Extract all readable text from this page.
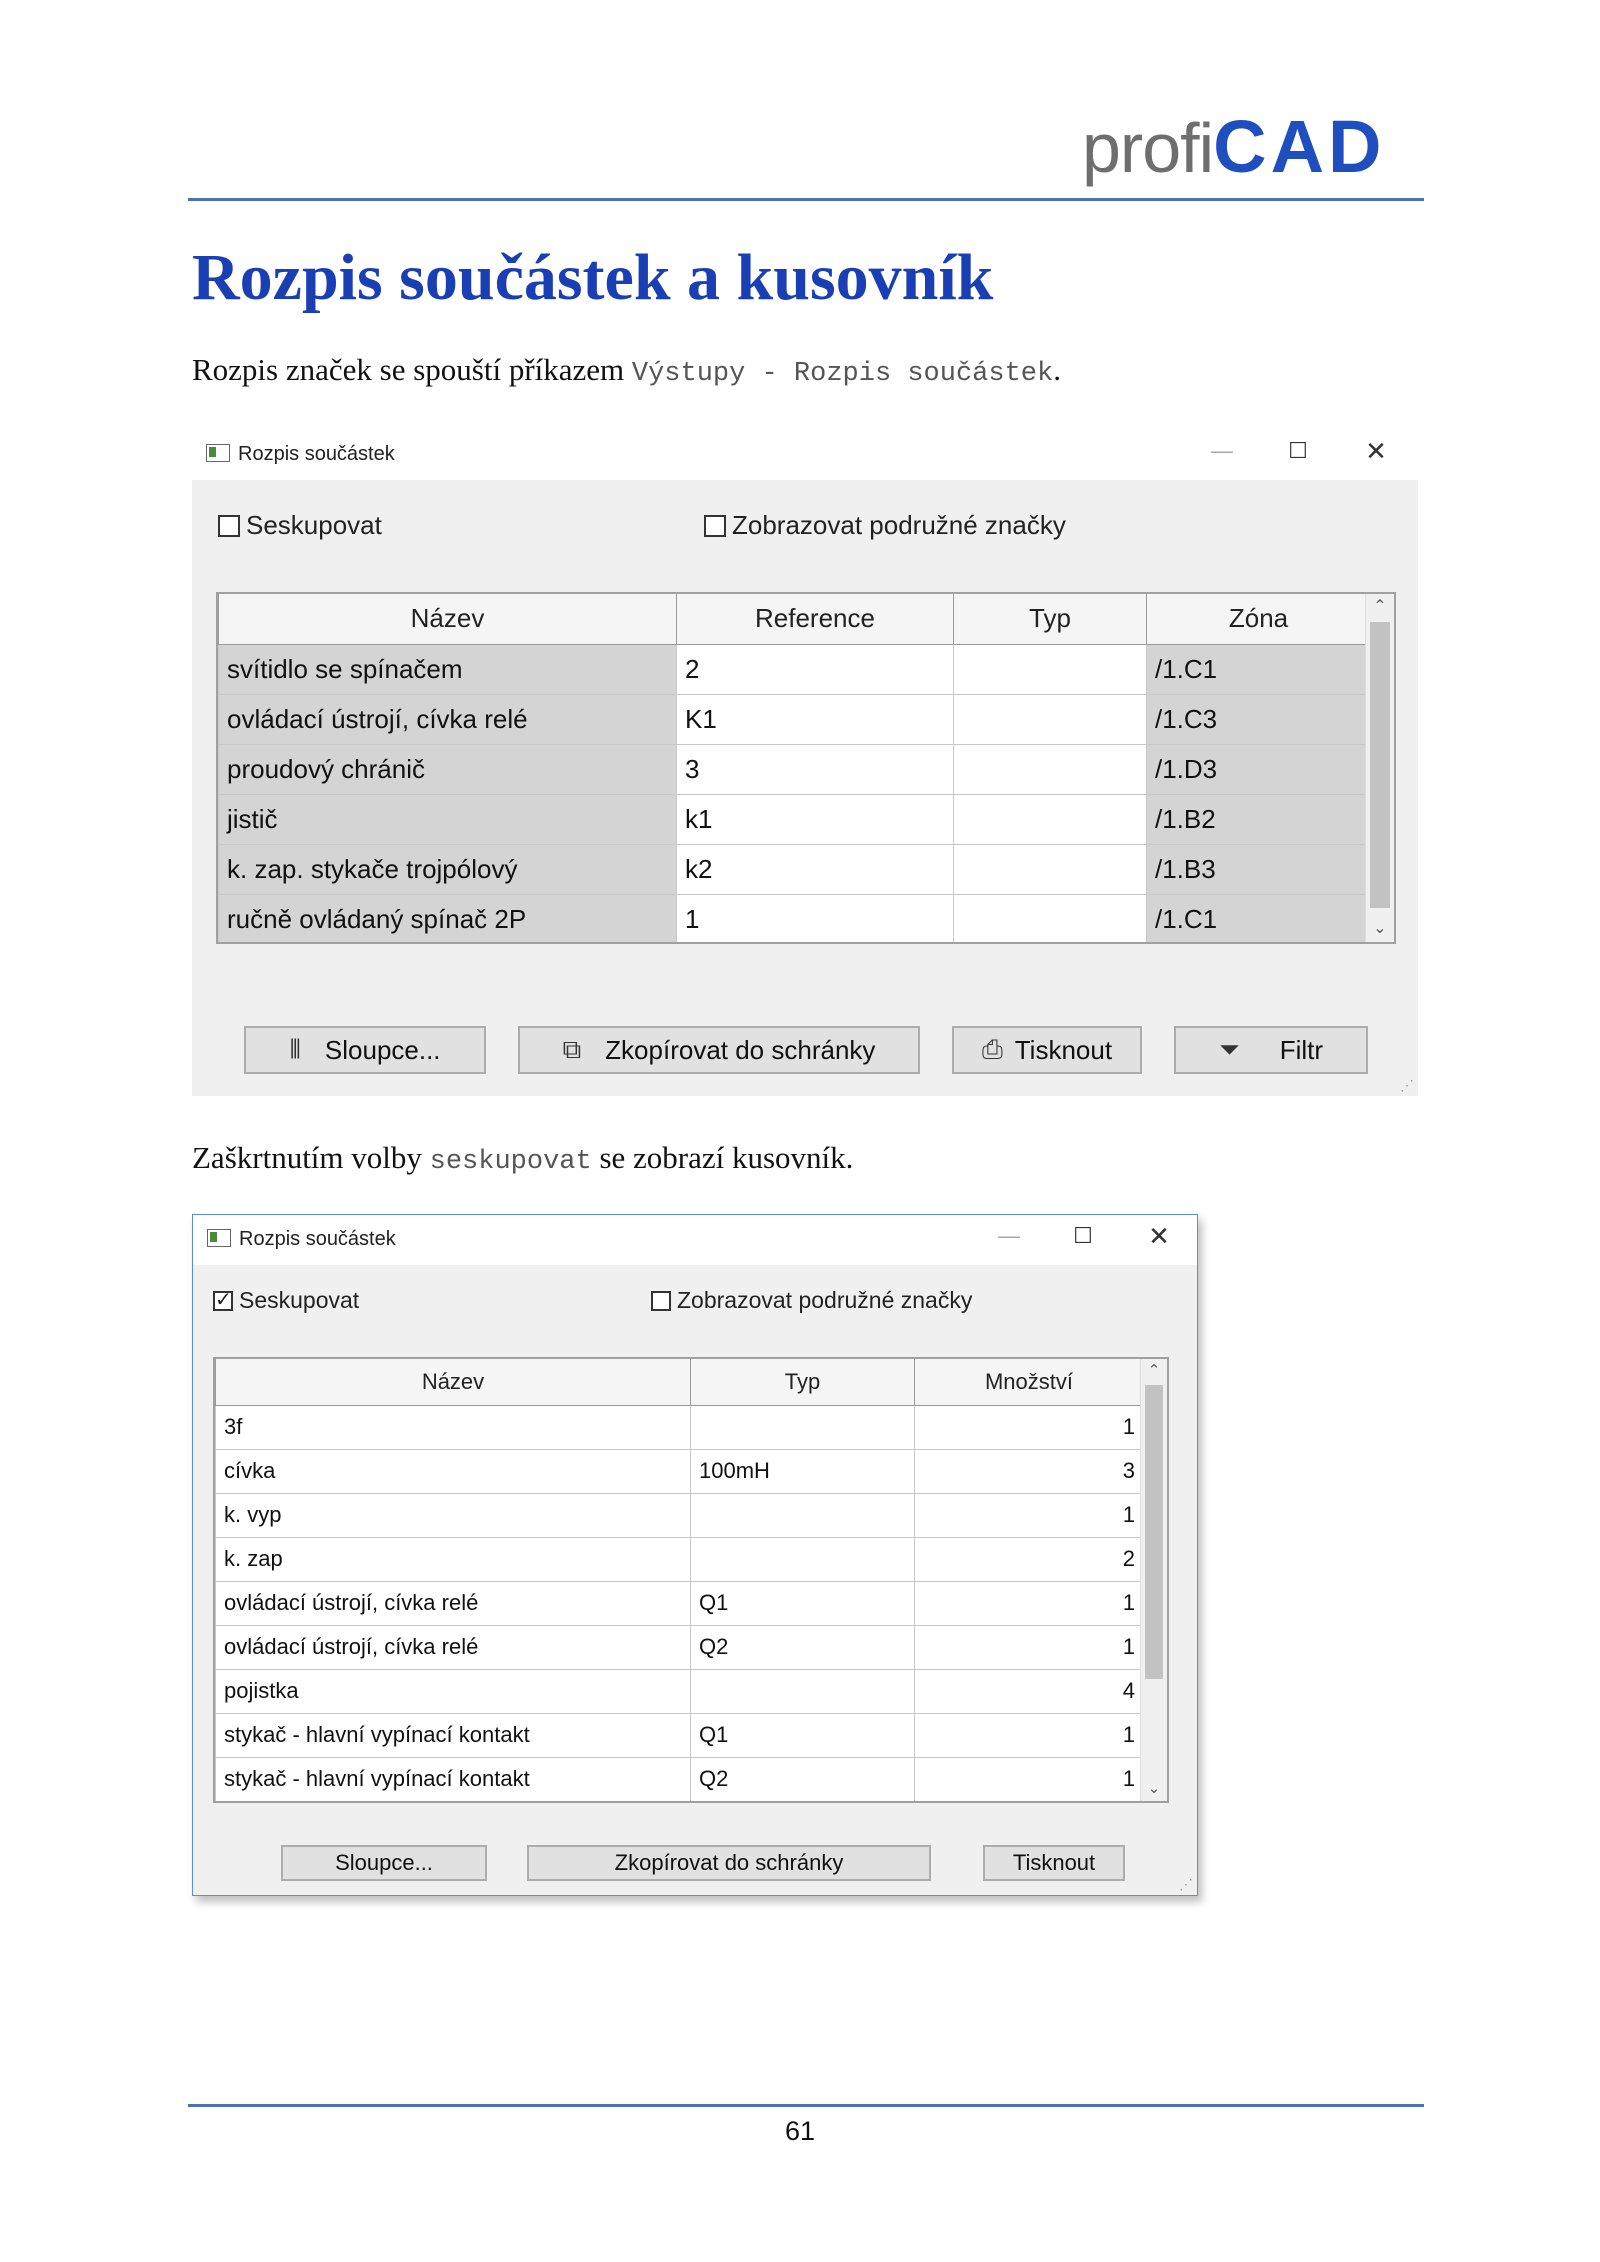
profiCAD
Rozpis součástek a kusovník
Rozpis značek se spouští příkazem Výstupy - Rozpis součástek.
Rozpis součástek	—	☐	✕
Seskupovat	Zobrazovat podružné značky
Název	Reference	Typ	Zóna
svítidlo se spínačem	2		/1.C1
ovládací ústrojí, cívka relé	K1		/1.C3
proudový chránič	3		/1.D3
jistič	k1		/1.B2
k. zap. stykače trojpólový	k2		/1.B3
ručně ovládaný spínač 2P	1		/1.C1
⌃
⌄
⦀ Sloupce...	⧉ Zkopírovat do schránky	⎙ Tisknout	⏷ Filtr
⋰
Zaškrtnutím volby seskupovat se zobrazí kusovník.
Rozpis součástek	—	☐	✕
✓
Seskupovat	Zobrazovat podružné značky
Název	Typ	Množství
3f		1
cívka	100mH	3
k. vyp		1
k. zap		2
ovládací ústrojí, cívka relé	Q1	1
ovládací ústrojí, cívka relé	Q2	1
pojistka		4
stykač - hlavní vypínací kontakt	Q1	1
stykač - hlavní vypínací kontakt	Q2	1
⌃
⌄
Sloupce...	Zkopírovat do schránky	Tisknout
⋰
61
